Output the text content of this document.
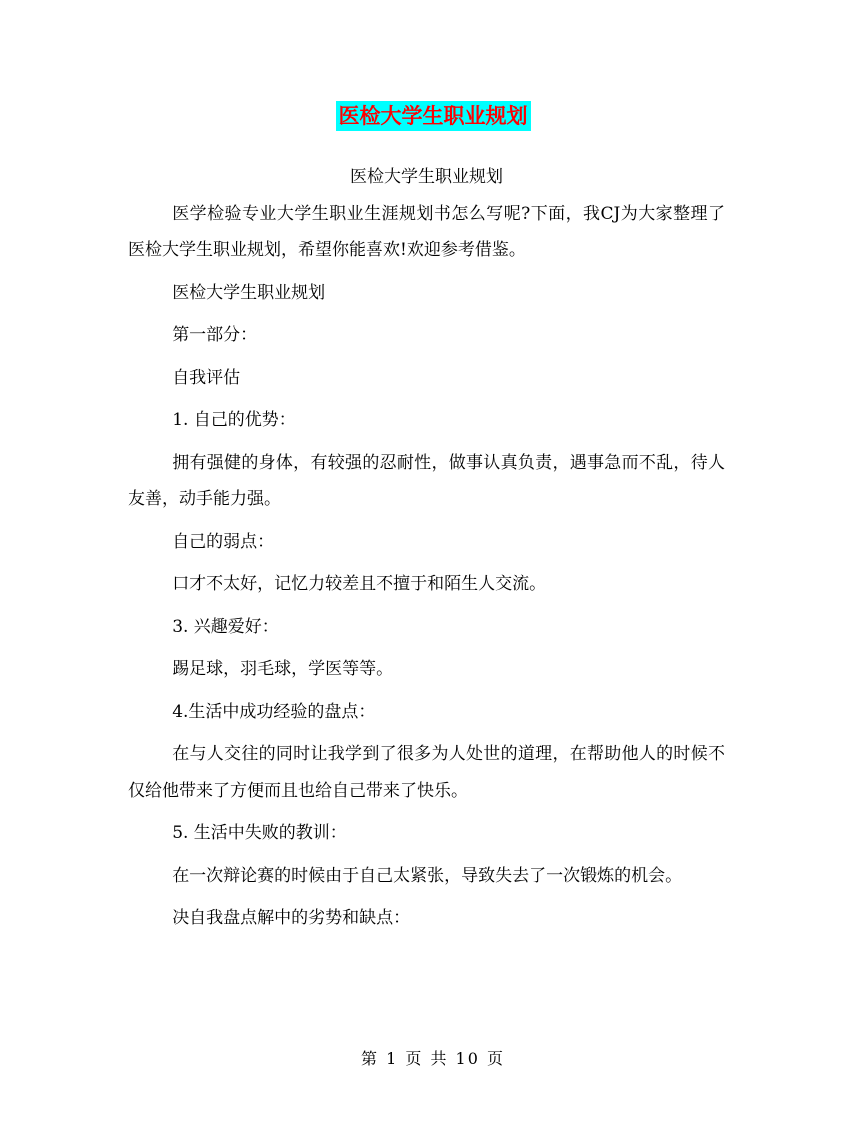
医检大学生职业规划

医检大学生职业规划

医学检验专业大学生职业生涯规划书怎么写呢?下面，我CJ为大家整理了医检大学生职业规划，希望你能喜欢!欢迎参考借鉴。

医检大学生职业规划

第一部分：

自我评估

1. 自己的优势：

拥有强健的身体，有较强的忍耐性，做事认真负责，遇事急而不乱，待人友善，动手能力强。

自己的弱点：

口才不太好，记忆力较差且不擅于和陌生人交流。

3. 兴趣爱好：

踢足球，羽毛球，学医等等。

4.生活中成功经验的盘点：

在与人交往的同时让我学到了很多为人处世的道理，在帮助他人的时候不仅给他带来了方便而且也给自己带来了快乐。

5. 生活中失败的教训：

在一次辩论赛的时候由于自己太紧张，导致失去了一次锻炼的机会。

决自我盘点解中的劣势和缺点：

第 1 页 共 10 页
